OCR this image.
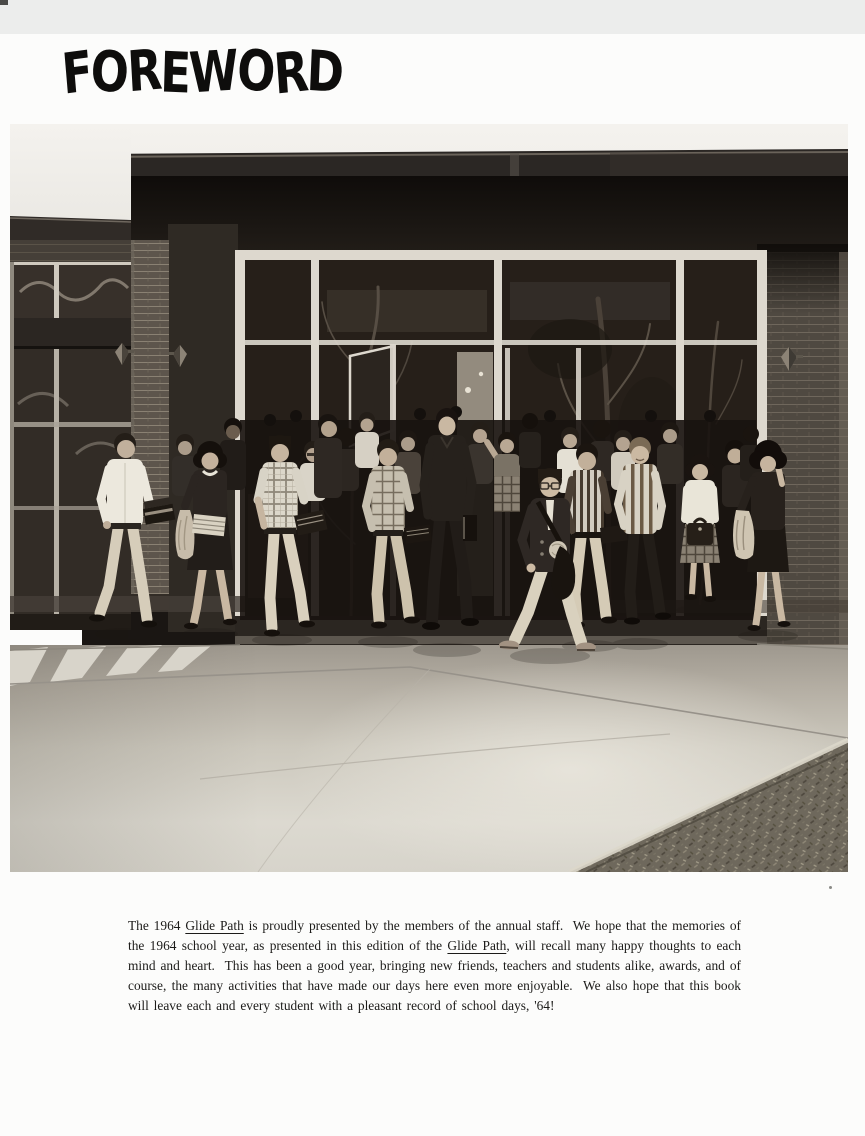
FOREWORD

The 1964 Glide Path is proudly presented by the members of the annual staff.  We hope that the memories of the 1964 school year, as presented in this edition of the Glide Path, will recall many happy thoughts to each mind and heart.  This has been a good year, bringing new friends, teachers and students alike, awards, and of course, the many activities that have made our days here even more enjoyable.  We also hope that this book will leave each and every student with a pleasant record of school days, '64!
